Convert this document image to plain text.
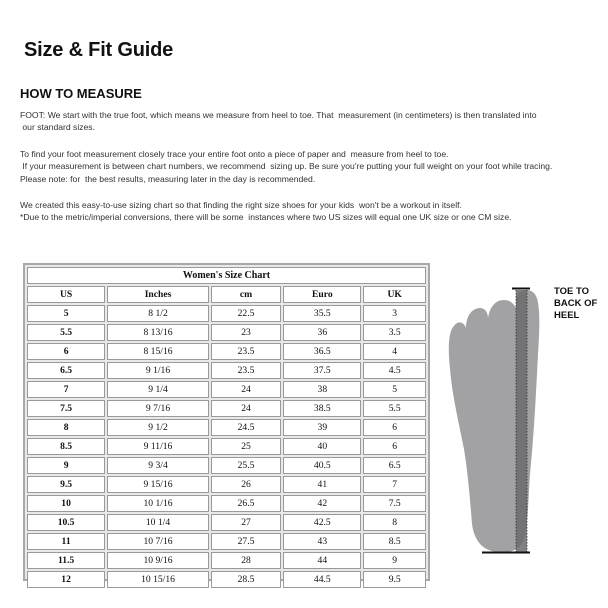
Size & Fit Guide
HOW TO MEASURE
FOOT: We start with the true foot, which means we measure from heel to toe. That  measurement (in centimeters) is then translated into
our standard sizes.
To find your foot measurement closely trace your entire foot onto a piece of paper and  measure from heel to toe.
If your measurement is between chart numbers, we recommend  sizing up. Be sure you're putting your full weight on your foot while tracing.
Please note: for  the best results, measuring later in the day is recommended.
We created this easy-to-use sizing chart so that finding the right size shoes for your kids  won't be a workout in itself.
*Due to the metric/imperial conversions, there will be some  instances where two US sizes will equal one UK size or one CM size.
Women's Size Chart				
US	Inches	cm	Euro	UK
5	8 1/2	22.5	35.5	3
5.5	8 13/16	23	36	3.5
6	8 15/16	23.5	36.5	4
6.5	9 1/16	23.5	37.5	4.5
7	9 1/4	24	38	5
7.5	9 7/16	24	38.5	5.5
8	9 1/2	24.5	39	6
8.5	9 11/16	25	40	6
9	9 3/4	25.5	40.5	6.5
9.5	9 15/16	26	41	7
10	10 1/16	26.5	42	7.5
10.5	10 1/4	27	42.5	8
11	10 7/16	27.5	43	8.5
11.5	10 9/16	28	44	9
12	10 15/16	28.5	44.5	9.5
TOE TO
BACK OF
HEEL
